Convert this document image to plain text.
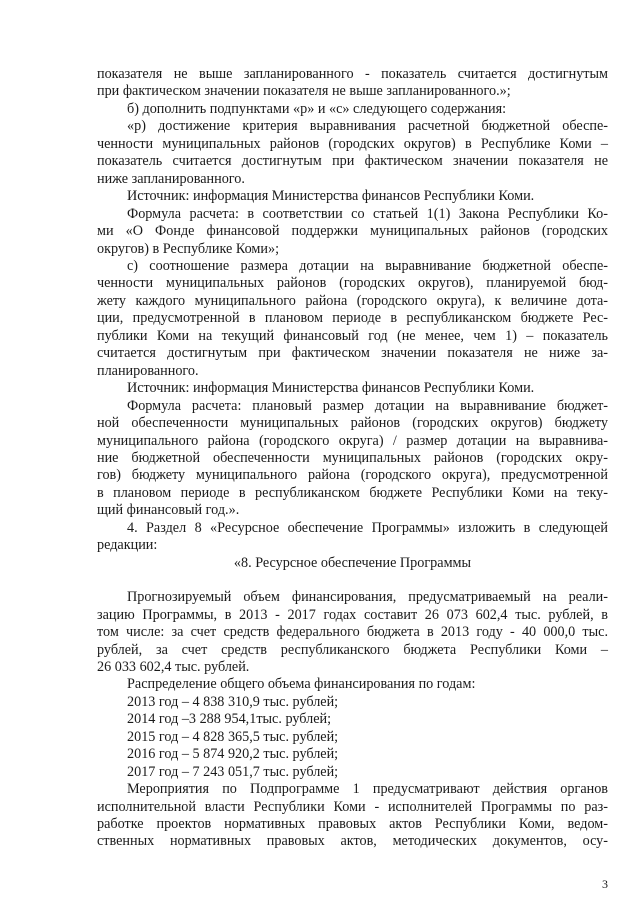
показателя не выше запланированного - показатель считается достигнутым
при фактическом значении показателя не выше запланированного.»;

б) дополнить подпунктами «р» и «с» следующего содержания:

«р) достижение критерия выравнивания расчетной бюджетной обеспе-
ченности муниципальных районов (городских округов) в Республике Коми –
показатель считается достигнутым при фактическом значении показателя не
ниже запланированного.

Источник: информация Министерства финансов Республики Коми.

Формула расчета: в соответствии со статьей 1(1) Закона Республики Ко-
ми «О Фонде финансовой поддержки муниципальных районов (городских
округов) в Республике Коми»;

с) соотношение размера дотации на выравнивание бюджетной обеспе-
ченности муниципальных районов (городских округов), планируемой бюд-
жету каждого муниципального района (городского округа), к величине дота-
ции, предусмотренной в плановом периоде в республиканском бюджете Рес-
публики Коми на текущий финансовый год (не менее, чем 1) – показатель
считается достигнутым при фактическом значении показателя не ниже за-
планированного.

Источник: информация Министерства финансов Республики Коми.

Формула расчета: плановый размер дотации на выравнивание бюджет-
ной обеспеченности муниципальных районов (городских округов) бюджету
муниципального района (городского округа) / размер дотации на выравнива-
ние бюджетной обеспеченности муниципальных районов (городских окру-
гов) бюджету муниципального района (городского округа), предусмотренной
в плановом периоде в республиканском бюджете Республики Коми на теку-
щий финансовый год.».

4. Раздел 8 «Ресурсное обеспечение Программы» изложить в следующей
редакции:

«8. Ресурсное обеспечение Программы

Прогнозируемый объем финансирования, предусматриваемый на реали-
зацию Программы, в 2013 - 2017 годах составит 26 073 602,4 тыс. рублей, в
том числе: за счет средств федерального бюджета в 2013 году - 40 000,0 тыс.
рублей, за счет средств республиканского бюджета Республики Коми –
26 033 602,4 тыс. рублей.

Распределение общего объема финансирования по годам:

2013 год – 4 838 310,9 тыс. рублей;
2014 год –3 288 954,1тыс. рублей;
2015 год – 4 828 365,5 тыс. рублей;
2016 год – 5 874 920,2 тыс. рублей;
2017 год – 7 243 051,7 тыс. рублей;

Мероприятия по Подпрограмме 1 предусматривают действия органов
исполнительной власти Республики Коми - исполнителей Программы по раз-
работке проектов нормативных правовых актов Республики Коми, ведом-
ственных нормативных правовых актов, методических документов, осу-

3
